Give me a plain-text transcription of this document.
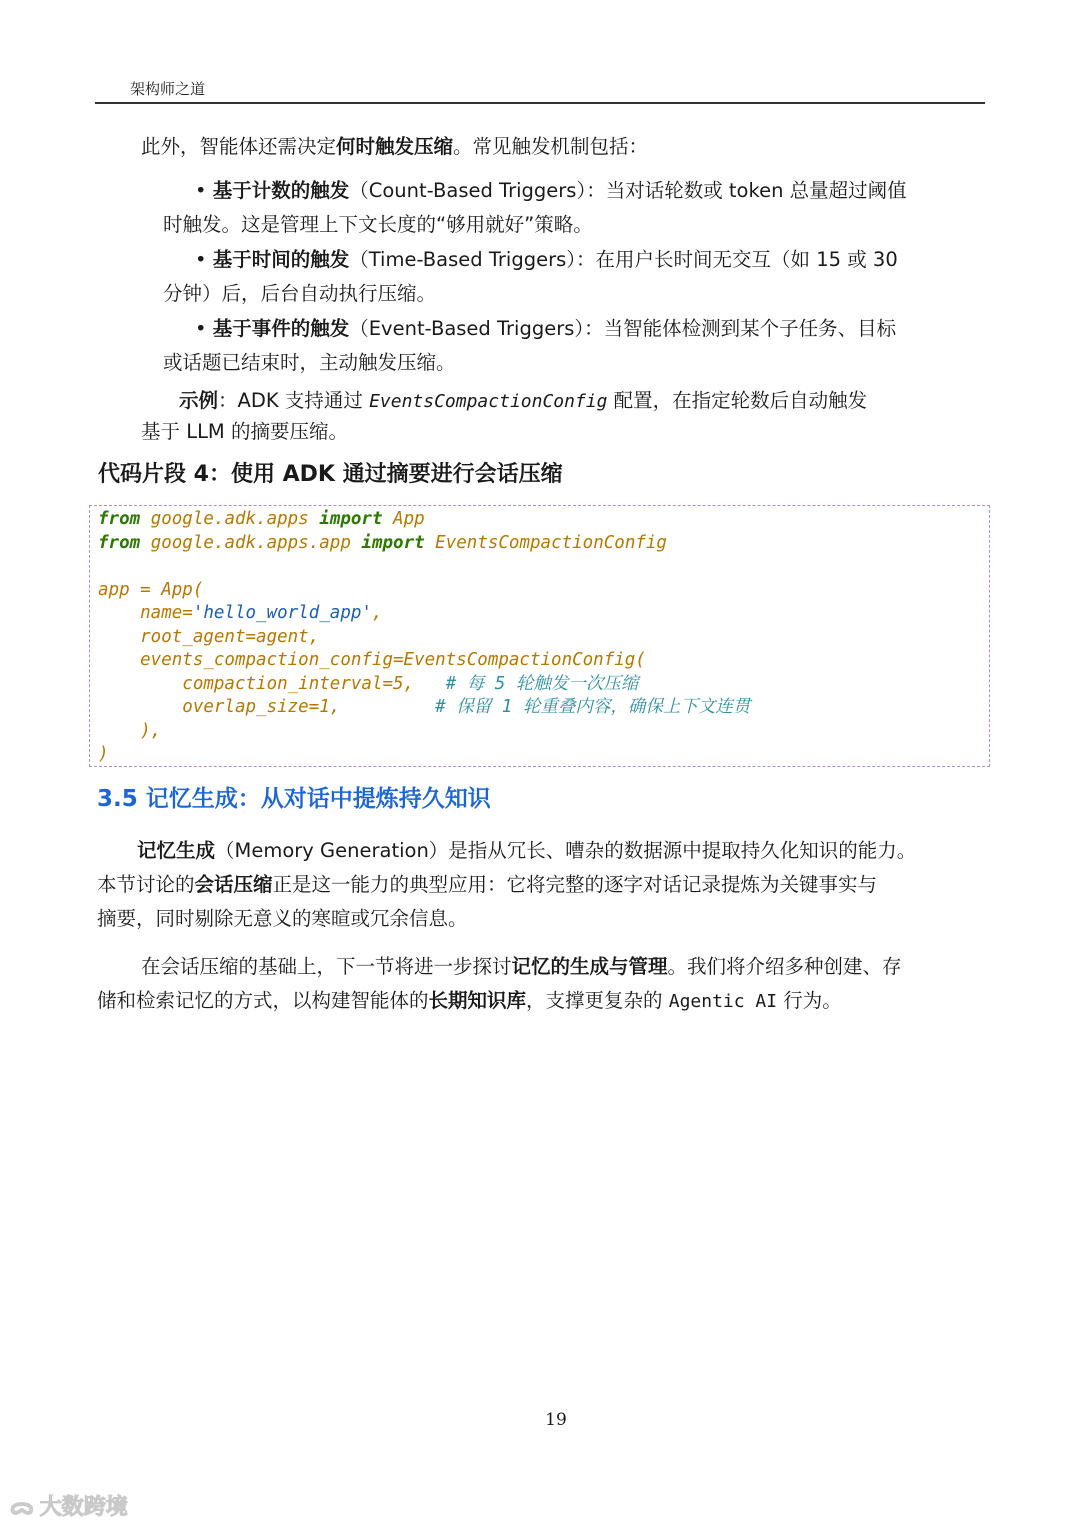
架构师之道

此外，智能体还需决定何时触发压缩。常见触发机制包括：

• 基于计数的触发（Count-Based Triggers）：当对话轮数或 token 总量超过阈值
时触发。这是管理上下文长度的“够用就好”策略。

• 基于时间的触发（Time-Based Triggers）：在用户长时间无交互（如 15 或 30
分钟）后，后台自动执行压缩。

• 基于事件的触发（Event-Based Triggers）：当智能体检测到某个子任务、目标
或话题已结束时，主动触发压缩。

示例：ADK 支持通过 EventsCompactionConfig 配置，在指定轮数后自动触发
基于 LLM 的摘要压缩。

代码片段 4：使用 ADK 通过摘要进行会话压缩
from google.adk.apps import App
from google.adk.apps.app import EventsCompactionConfig

app = App(
name='hello_world_app',
root_agent=agent,
events_compaction_config=EventsCompactionConfig(
compaction_interval=5,   # 每 5 轮触发一次压缩
overlap_size=1,         # 保留 1 轮重叠内容，确保上下文连贯
),
)
3.5 记忆生成：从对话中提炼持久知识

记忆生成（Memory Generation）是指从冗长、嘈杂的数据源中提取持久化知识的能力。
本节讨论的会话压缩正是这一能力的典型应用：它将完整的逐字对话记录提炼为关键事实与
摘要，同时剔除无意义的寒暄或冗余信息。

在会话压缩的基础上，下一节将进一步探讨记忆的生成与管理。我们将介绍多种创建、存
储和检索记忆的方式，以构建智能体的长期知识库，支撑更复杂的 Agentic AI 行为。

19
ᯅ 大数跨境
